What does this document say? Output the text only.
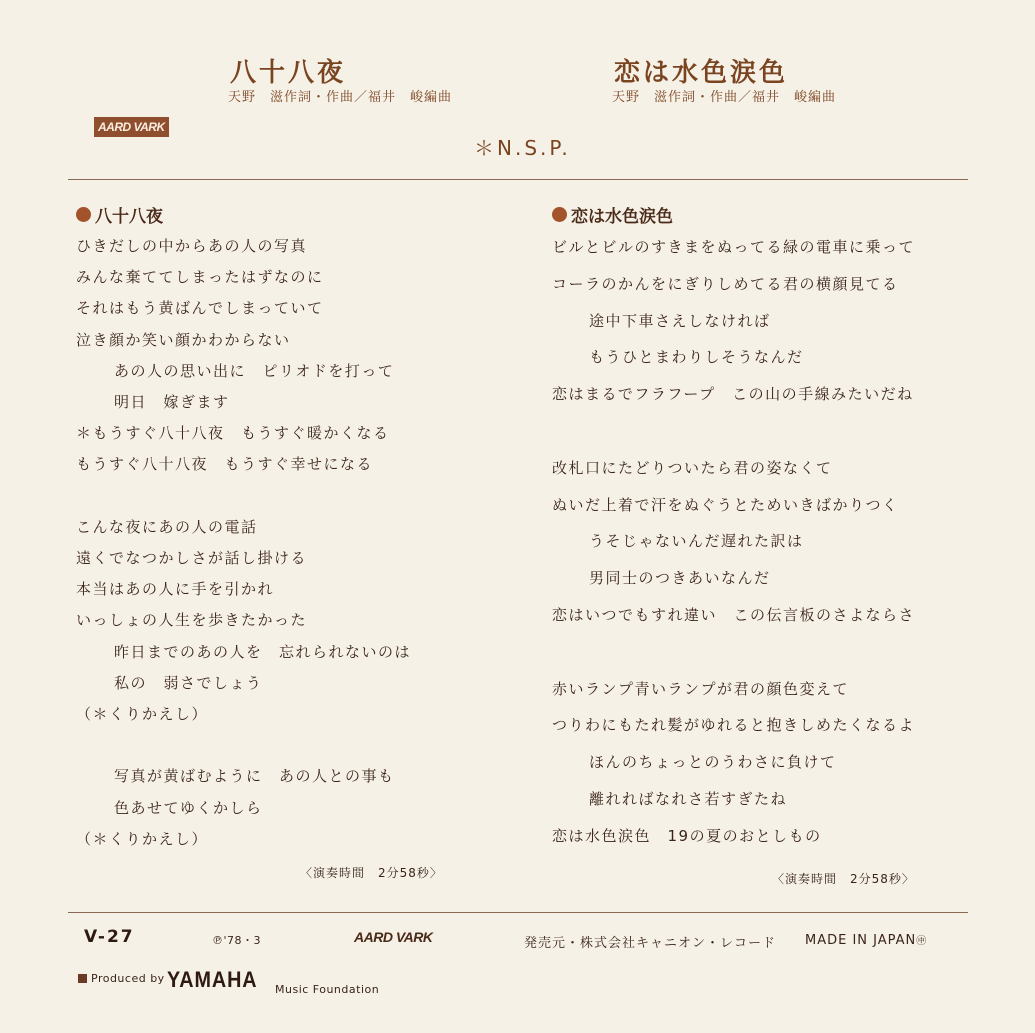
八十八夜
天野　滋作詞・作曲／福井　峻編曲
恋は水色涙色
天野　滋作詞・作曲／福井　峻編曲
AARD VARK
＊N.S.P.
八十八夜
ひきだしの中からあの人の写真
みんな棄ててしまったはずなのに
それはもう黄ばんでしまっていて
泣き顔か笑い顔かわからない
あの人の思い出に　ピリオドを打って
明日　嫁ぎます
＊もうすぐ八十八夜　もうすぐ暖かくなる
もうすぐ八十八夜　もうすぐ幸せになる
こんな夜にあの人の電話
遠くでなつかしさが話し掛ける
本当はあの人に手を引かれ
いっしょの人生を歩きたかった
昨日までのあの人を　忘れられないのは
私の　弱さでしょう
（＊くりかえし）
写真が黄ばむように　あの人との事も
色あせてゆくかしら
（＊くりかえし）
〈演奏時間　2分58秒〉
恋は水色涙色
ビルとビルのすきまをぬってる緑の電車に乗って
コーラのかんをにぎりしめてる君の横顔見てる
途中下車さえしなければ
もうひとまわりしそうなんだ
恋はまるでフラフープ　この山の手線みたいだね
改札口にたどりついたら君の姿なくて
ぬいだ上着で汗をぬぐうとためいきばかりつく
うそじゃないんだ遅れた訳は
男同士のつきあいなんだ
恋はいつでもすれ違い　この伝言板のさよならさ
赤いランプ青いランプが君の顔色変えて
つりわにもたれ髪がゆれると抱きしめたくなるよ
ほんのちょっとのうわさに負けて
離れればなれさ若すぎたね
恋は水色涙色　19の夏のおとしもの
〈演奏時間　2分58秒〉
V-27	℗'78・3	AARD VARK	発売元・株式会社キャニオン・レコード MADE IN JAPAN㊥
Produced by YAMAHA Music Foundation
